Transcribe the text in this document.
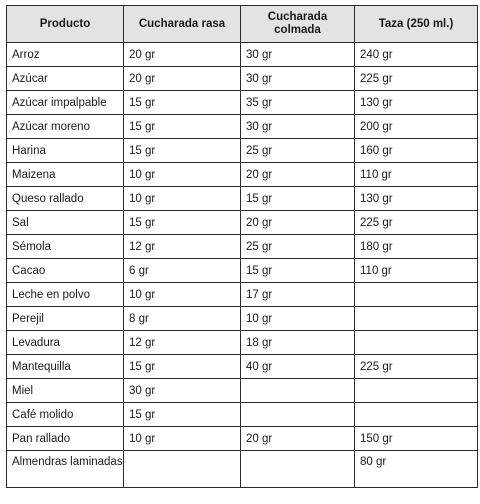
Producto	Cucharada rasa	Cucharada colmada	Taza (250 ml.)
Arroz	20 gr	30 gr	240 gr
Azúcar	20 gr	30 gr	225 gr
Azúcar impalpable	15 gr	35 gr	130 gr
Azúcar moreno	15 gr	30 gr	200 gr
Harina	15 gr	25 gr	160 gr
Maizena	10 gr	20 gr	110 gr
Queso rallado	10 gr	15 gr	130 gr
Sal	15 gr	20 gr	225 gr
Sémola	12 gr	25 gr	180 gr
Cacao	6 gr	15 gr	110 gr
Leche en polvo	10 gr	17 gr	
Perejil	8 gr	10 gr	
Levadura	12 gr	18 gr	
Mantequilla	15 gr	40 gr	225 gr
Miel	30 gr		
Café molido	15 gr		
Pan rallado	10 gr	20 gr	150 gr
Almendras laminadas			80 gr
